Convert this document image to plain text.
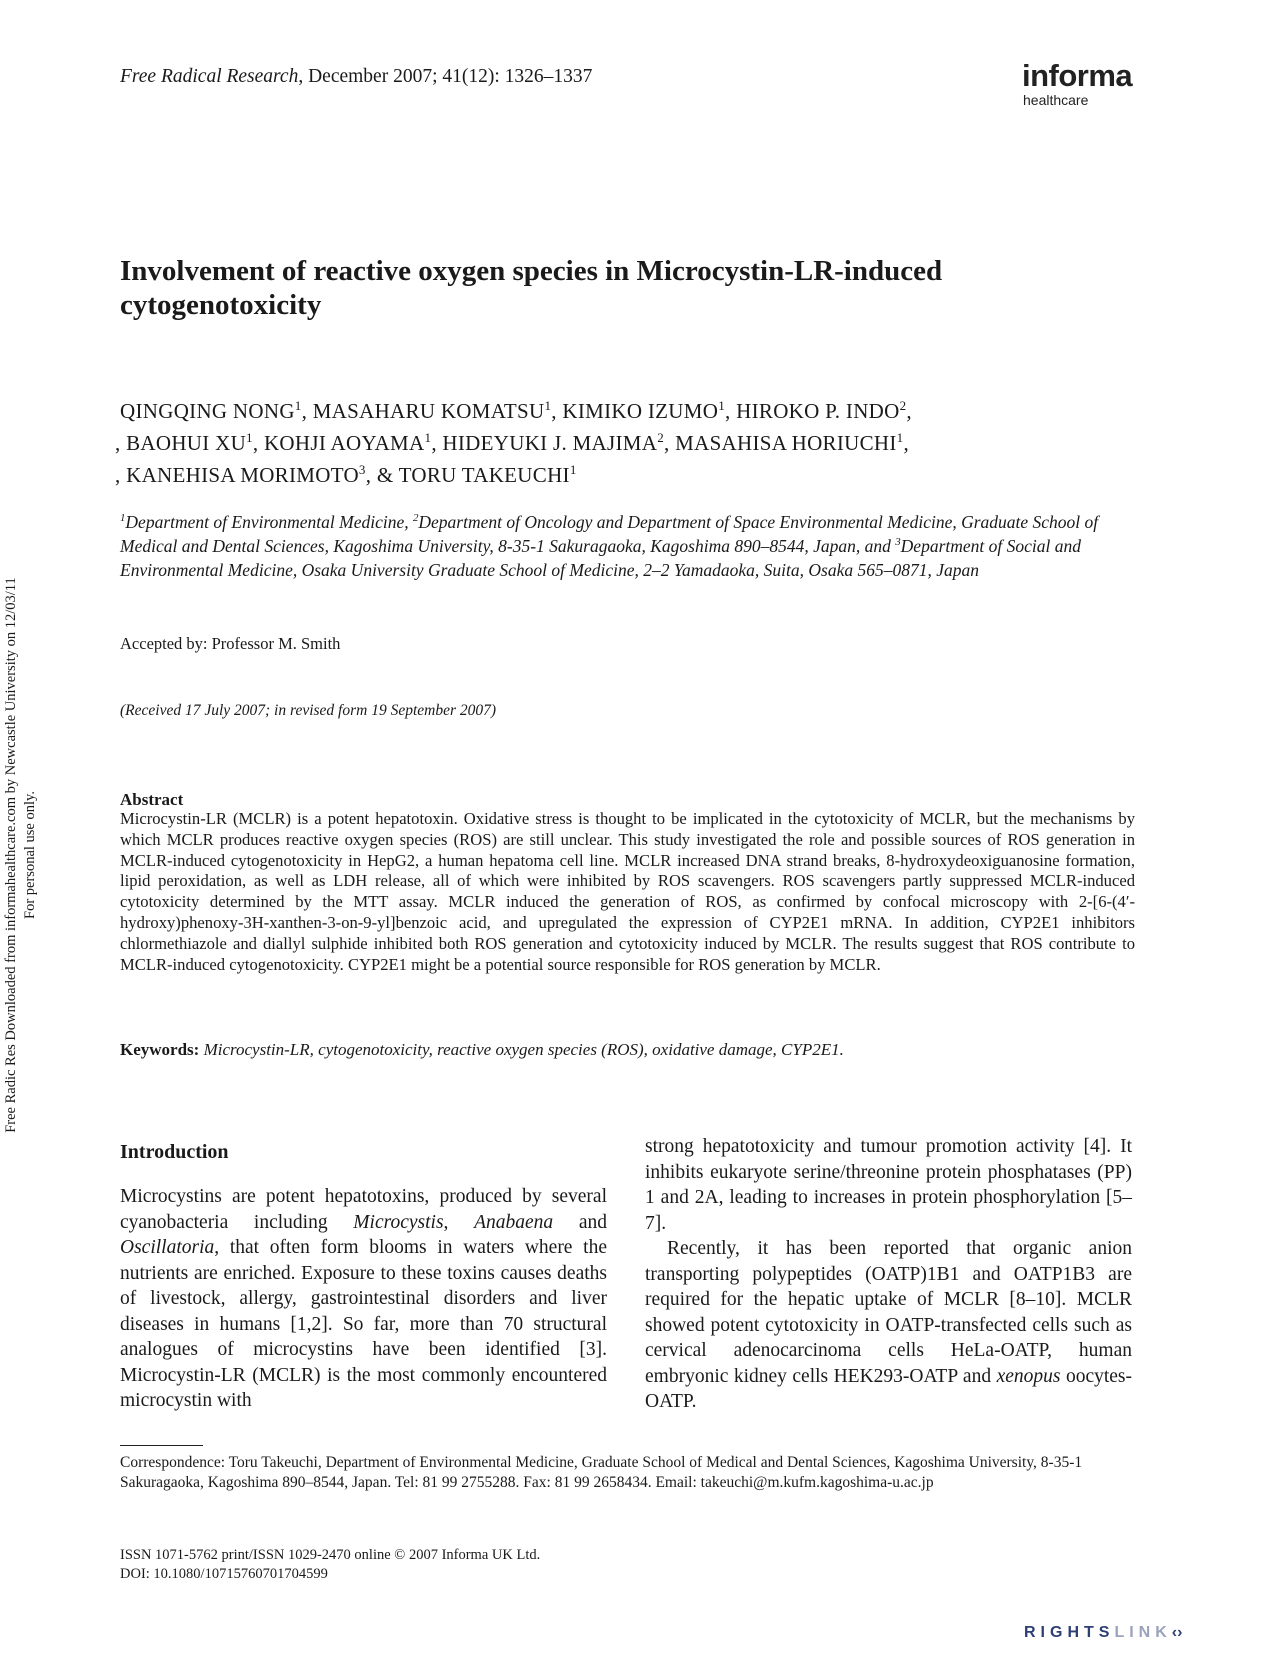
Free Radical Research, December 2007; 41(12): 1326–1337	informa
healthcare
Involvement of reactive oxygen species in Microcystin-LR-induced cytogenotoxicity
QINGQING NONG$^1$, MASAHARU KOMATSU$^1$, KIMIKO IZUMO$^1$, HIROKO P. INDO$^2$,
, BAOHUI $XU^1$, KOHJI AOYAMA$^1$, HIDEYUKI J. MAJIMA$^2$, MASAHISA HORIUCHI$^1$,
, KANEHISA MORIMOTO$^3$, & TORU TAKEUCHI$^1$
$^1$Department of Environmental Medicine, $^2$Department of Oncology and Department of Space Environmental Medicine, Graduate School of Medical and Dental Sciences, Kagoshima University, 8-35-1 Sakuragaoka, Kagoshima 890–8544, Japan, and $^3$Department of Social and Environmental Medicine, Osaka University Graduate School of Medicine, 2–2 Yamadaoka, Suita, Osaka 565–0871, Japan
Accepted by: Professor M. Smith
(Received 17 July 2007; in revised form 19 September 2007)
Abstract
Microcystin-LR (MCLR) is a potent hepatotoxin. Oxidative stress is thought to be implicated in the cytotoxicity of MCLR, but the mechanisms by which MCLR produces reactive oxygen species (ROS) are still unclear. This study investigated the role and possible sources of ROS generation in MCLR-induced cytogenotoxicity in HepG2, a human hepatoma cell line. MCLR increased DNA strand breaks, 8-hydroxydeoxiguanosine formation, lipid peroxidation, as well as LDH release, all of which were inhibited by ROS scavengers. ROS scavengers partly suppressed MCLR-induced cytotoxicity determined by the MTT assay. MCLR induced the generation of ROS, as confirmed by confocal microscopy with 2-[6-(4′-hydroxy)phenoxy-3H-xanthen-3-on-9-yl]benzoic acid, and upregulated the expression of CYP2E1 mRNA. In addition, CYP2E1 inhibitors chlormethiazole and diallyl sulphide inhibited both ROS generation and cytotoxicity induced by MCLR. The results suggest that ROS contribute to MCLR-induced cytogenotoxicity. CYP2E1 might be a potential source responsible for ROS generation by MCLR.
Keywords: Microcystin-LR, cytogenotoxicity, reactive oxygen species (ROS), oxidative damage, CYP2E1.
Introduction
Microcystins are potent hepatotoxins, produced by several cyanobacteria including Microcystis, Anabaena and Oscillatoria, that often form blooms in waters where the nutrients are enriched. Exposure to these toxins causes deaths of livestock, allergy, gastrointestinal disorders and liver diseases in humans [1,2]. So far, more than 70 structural analogues of microcystins have been identified [3]. Microcystin-LR (MCLR) is the most commonly encountered microcystin with

strong hepatotoxicity and tumour promotion activity [4]. It inhibits eukaryote serine/threonine protein phosphatases (PP) 1 and 2A, leading to increases in protein phosphorylation [5–7].

Recently, it has been reported that organic anion transporting polypeptides (OATP)1B1 and OATP1B3 are required for the hepatic uptake of MCLR [8–10]. MCLR showed potent cytotoxicity in OATP-transfected cells such as cervical adenocarcinoma cells HeLa-OATP, human embryonic kidney cells HEK293-OATP and xenopus oocytes-OATP.

Correspondence: Toru Takeuchi, Department of Environmental Medicine, Graduate School of Medical and Dental Sciences, Kagoshima University, 8-35-1 Sakuragaoka, Kagoshima 890–8544, Japan. Tel: 81 99 2755288. Fax: 81 99 2658434. Email: takeuchi@m.kufm.kagoshima-u.ac.jp
ISSN 1071-5762 print/ISSN 1029-2470 online © 2007 Informa UK Ltd.
DOI: 10.1080/10715760701704599
Free Radic Res Downloaded from informahealthcare.com by Newcastle University on 12/03/11 For personal use only.
RIGHTSLINK‹›
